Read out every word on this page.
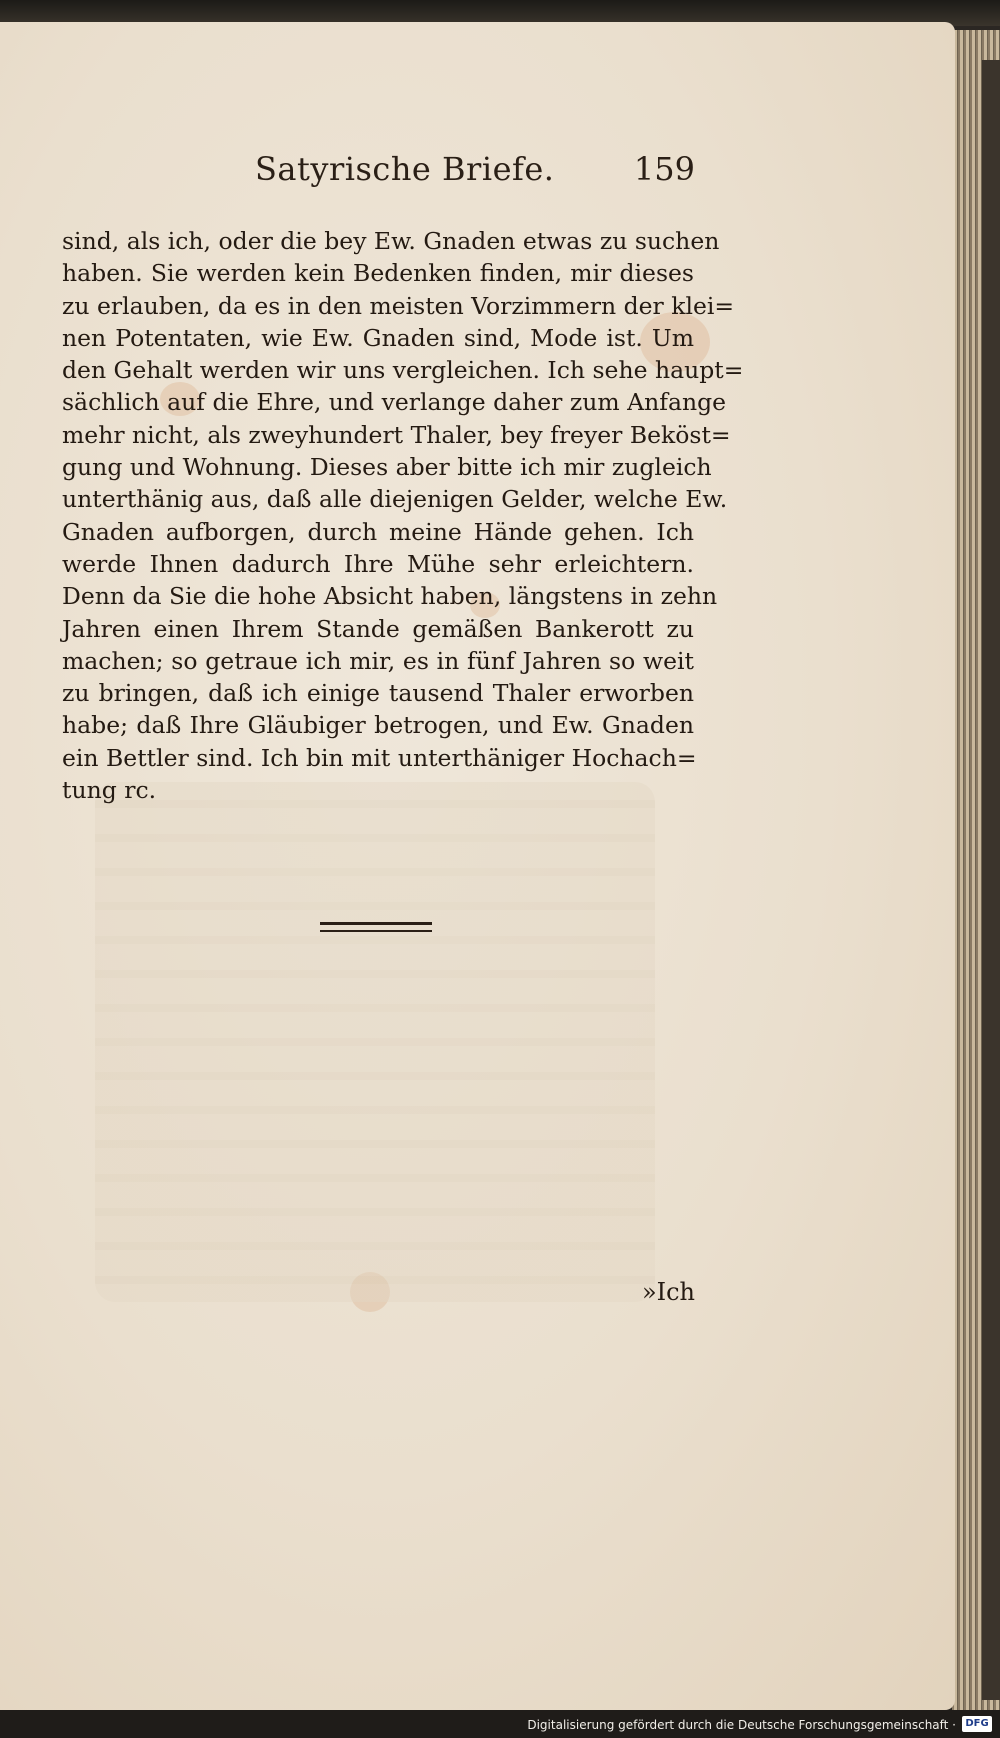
Satyrische Briefe. 159
sind, als ich, oder die bey Ew. Gnaden etwas zu suchen
haben. Sie werden kein Bedenken finden, mir dieses
zu erlauben, da es in den meisten Vorzimmern der klei=
nen Potentaten, wie Ew. Gnaden sind, Mode ist. Um
den Gehalt werden wir uns vergleichen. Ich sehe haupt=
sächlich auf die Ehre, und verlange daher zum Anfange
mehr nicht, als zweyhundert Thaler, bey freyer Beköst=
gung und Wohnung. Dieses aber bitte ich mir zugleich
unterthänig aus, daß alle diejenigen Gelder, welche Ew.
Gnaden aufborgen, durch meine Hände gehen. Ich
werde Ihnen dadurch Ihre Mühe sehr erleichtern.
Denn da Sie die hohe Absicht haben, längstens in zehn
Jahren einen Ihrem Stande gemäßen Bankerott zu
machen; so getraue ich mir, es in fünf Jahren so weit
zu bringen, daß ich einige tausend Thaler erworben
habe; daß Ihre Gläubiger betrogen, und Ew. Gnaden
ein Bettler sind. Ich bin mit unterthäniger Hochach=
tung rc.
»Ich
Digitalisierung gefördert durch die Deutsche Forschungsgemeinschaft · DFG
